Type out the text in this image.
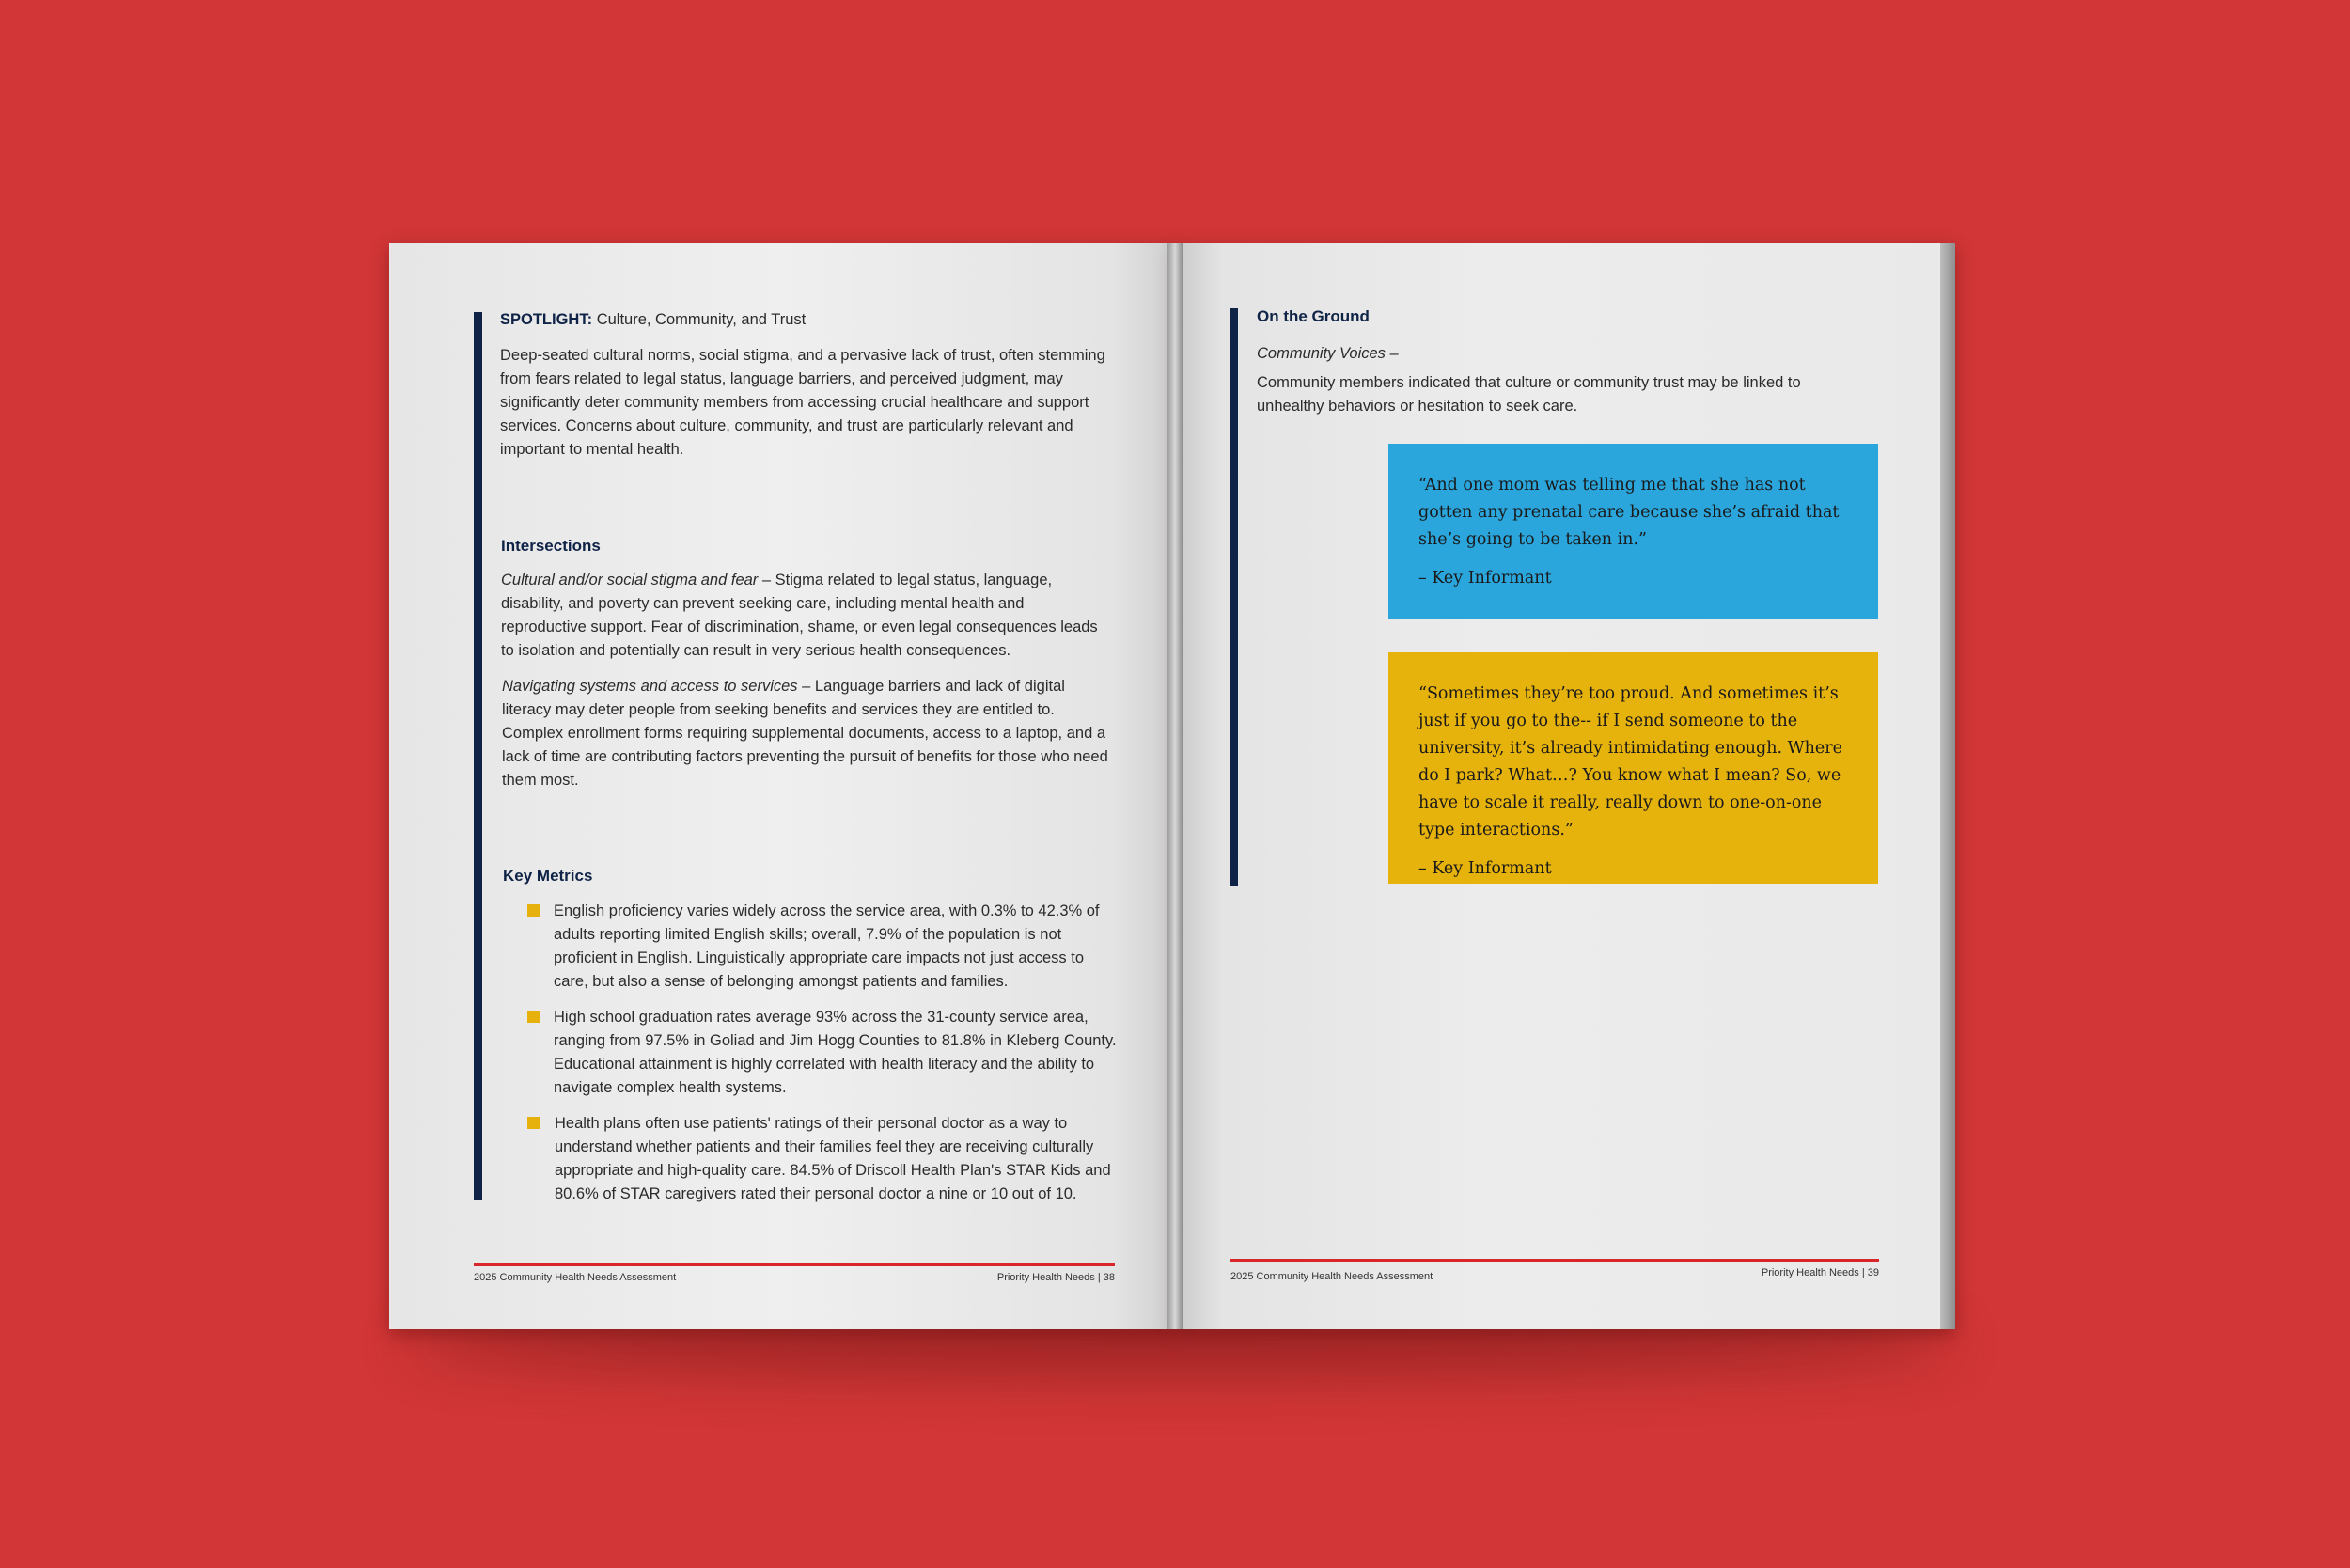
SPOTLIGHT: Culture, Community, and Trust
Deep-seated cultural norms, social stigma, and a pervasive lack of trust, often stemming from fears related to legal status, language barriers, and perceived judgment, may significantly deter community members from accessing crucial healthcare and support services. Concerns about culture, community, and trust are particularly relevant and important to mental health.
Intersections
Cultural and/or social stigma and fear – Stigma related to legal status, language, disability, and poverty can prevent seeking care, including mental health and reproductive support. Fear of discrimination, shame, or even legal consequences leads to isolation and potentially can result in very serious health consequences.
Navigating systems and access to services – Language barriers and lack of digital literacy may deter people from seeking benefits and services they are entitled to. Complex enrollment forms requiring supplemental documents, access to a laptop, and a lack of time are contributing factors preventing the pursuit of benefits for those who need them most.
Key Metrics
English proficiency varies widely across the service area, with 0.3% to 42.3% of adults reporting limited English skills; overall, 7.9% of the population is not proficient in English. Linguistically appropriate care impacts not just access to care, but also a sense of belonging amongst patients and families.
High school graduation rates average 93% across the 31-county service area, ranging from 97.5% in Goliad and Jim Hogg Counties to 81.8% in Kleberg County. Educational attainment is highly correlated with health literacy and the ability to navigate complex health systems.
Health plans often use patients' ratings of their personal doctor as a way to understand whether patients and their families feel they are receiving culturally appropriate and high-quality care. 84.5% of Driscoll Health Plan's STAR Kids and 80.6% of STAR caregivers rated their personal doctor a nine or 10 out of 10.
2025 Community Health Needs Assessment	Priority Health Needs | 38
On the Ground
Community Voices –
Community members indicated that culture or community trust may be linked to unhealthy behaviors or hesitation to seek care.

“And one mom was telling me that she has not gotten any prenatal care because she’s afraid that she’s going to be taken in.”

– Key Informant

“Sometimes they’re too proud. And sometimes it’s just if you go to the-- if I send someone to the university, it’s already intimidating enough. Where do I park? What…? You know what I mean? So, we have to scale it really, really down to one-on-one type interactions.”

– Key Informant

2025 Community Health Needs Assessment	Priority Health Needs | 39
